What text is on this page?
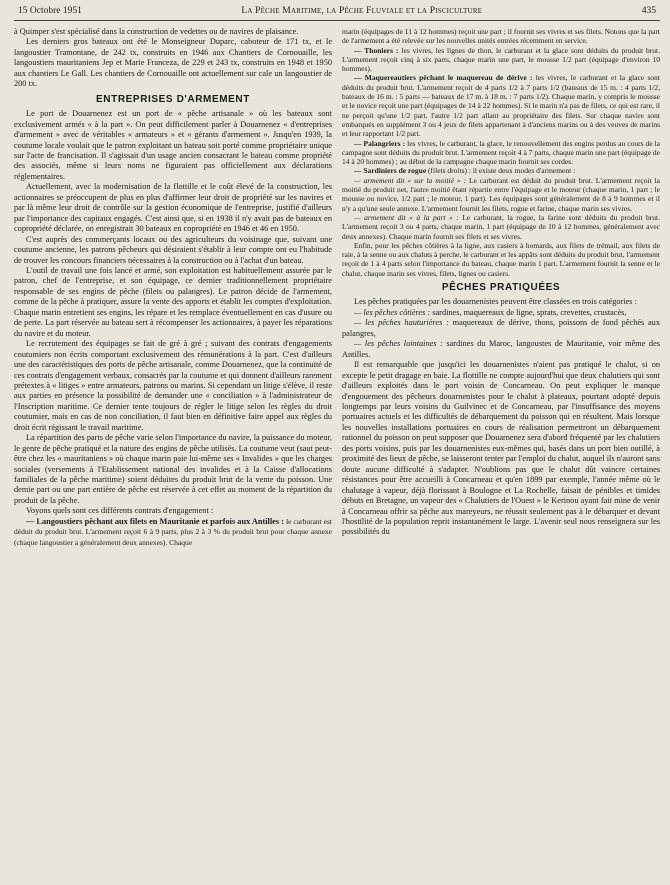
15 Octobre 1951	La Pêche Maritime, la Pêche Fluviale et la Pisciculture	435

à Quimper s'est spécialisé dans la construction de vedettes ou de navires de plaisance.

Les derniers gros bateaux ont été le Monseigneur Duparc, caboteur de 171 tx, et le langoustier Tramontane, de 242 tx, construits en 1946 aux Chantiers de Cornouaille, les langoustiers mauritaniens Jep et Marie Franceza, de 229 et 243 tx, construits en 1948 et 1950 aux chantiers Le Gall. Les chantiers de Cornouaille ont actuellement sur cale un langoustier de 200 tx.

ENTREPRISES D'ARMEMENT

Le port de Douarnenez est un port de « pêche artisanale » où les bateaux sont exclusivement armés « à la part ». On peut difficilement parler à Douarnenez « d'entreprises d'armement » avec de véritables « armateurs » et « gérants d'armement ». Jusqu'en 1939, la coutume locale voulait que le patron exploitant un bateau soit porté comme propriétaire unique sur l'acte de francisation. Il s'agissait d'un usage ancien consacrant le bateau comme propriété des associés, même si leurs noms ne figuraient pas officiellement aux déclarations réglementaires.

Actuellement, avec la modernisation de la flottille et le coût élevé de la construction, les actionnaires se préoccupent de plus en plus d'affirmer leur droit de propriété sur les navires et par là même leur droit de contrôle sur la gestion économique de l'entreprise, justifié d'ailleurs par l'importance des capitaux engagés. C'est ainsi que, si en 1938 il n'y avait pas de bateaux en copropriété déclarée, on enregistrait 30 bateaux en copropriété en 1946 et 46 en 1950.

C'est auprès des commerçants locaux ou des agriculteurs du voisinage que, suivant une coutume ancienne, les patrons pêcheurs qui désiraient s'établir à leur compte ont eu l'habitude de trouver les concours financiers nécessaires à la construction ou à l'achat d'un bateau.

L'outil de travail une fois lancé et armé, son exploitation est habituellement assurée par le patron, chef de l'entreprise, et son équipage, ce dernier traditionnellement propriétaire responsable de ses engins de pêche (filets ou palangres). Le patron décide de l'armement, comme de la pêche à pratiquer, assure la vente des apports et établit les comptes d'exploitation. Chaque marin entretient ses engins, les répare et les remplace éventuellement en cas d'usure ou de perte. La part réservée au bateau sert à récompenser les actionnaires, à payer les réparations du navire et du moteur.

Le recrutement des équipages se fait de gré à gré ; suivant des contrats d'engagements coutumiers non écrits comportant exclusivement des rémunérations à la part. C'est d'ailleurs une des caractéristiques des ports de pêche artisanale, comme Douarnenez, que la continuité de ces contrats d'engagement verbaux, consacrés par la coutume et qui donnent d'ailleurs rarement prétextes à « litiges » entre armateurs, patrons ou marins. Si cependant un litige s'élève, il reste aux parties en présence la possibilité de demander une « conciliation » à l'administrateur de l'Inscription maritime. Ce dernier tente toujours de régler le litige selon les règles du droit coutumier, mais en cas de non conciliation, il faut bien en définitive faire appel aux règles du droit écrit régissant le travail maritime.

La répartition des parts de pêche varie selon l'importance du navire, la puissance du moteur, le genre de pêche pratiqué et la nature des engins de pêche utilisés. La coutume veut (saut peut-être chez les « mauritaniens » où chaque marin paie lui-même ses « Invalides » que les charges sociales (versements à l'Etablissement national des invalides et à la Caisse d'allocations familiales de la pêche maritime) soient déduites du produit brut de la vente du poisson. Une demie part ou une part entière de pêche est réservée à cet effet au moment de la répartition du produit de la pêche.

Voyons quels sont ces différents contrats d'engagement :

— Langoustiers pêchant aux filets en Mauritanie et parfois aux Antilles : le carburant est déduit du produit brut. L'armement reçoit 6 à 9 parts, plus 2 à 3 % du produit brut pour chaque annexe (chaque langoustier a généralement deux annexes). Chaque

marin (équipages de 11 à 12 hommes) reçoit une part ; il fournit ses vivres et ses filets. Notons que la part de l'armement a été relevée sur les nouvelles unités entrées récemment en service.

— Thoniers : les vivres, les lignes de thon, le carburant et la glace sont déduits du produit brut. L'armement reçoit cinq à six parts, chaque marin une part, le mousse 1/2 part (équipage d'environ 10 hommes).

— Maquereautiers pêchant le maquereau de dérive : les vivres, le carburant et la glace sont déduits du produit brut. L'armement reçoit de 4 parts 1/2 à 7 parts 1/2 (bateaux de 15 m. : 4 parts 1/2, bateaux de 16 m. : 5 parts — bateaux de 17 m. à 18 m. : 7 parts 1/2). Chaque marin, y compris le mousse et le novice reçoit une part (équipages de 14 à 22 hommes). Si le marin n'a pas de filets, ce qui est rare, il ne perçoit qu'une 1/2 part, l'autre 1/2 part allant au propriétaire des filets. Sur chaque navire sont embarqués en supplément 3 ou 4 jeux de filets appartenant à d'anciens marins ou à des veuves de marins et leur rapportant 1/2 part.

— Palangriers : les vivres, le carburant, la glace, le renouvellement des engins perdus au cours de la campagne sont déduits du produit brut. L'armement reçoit 4 à 7 parts, chaque marin une part (équipage de 14 à 20 hommes) ; au début de la campagne chaque marin fournit ses cordes.

— Sardiniers de rogue (filets droits) : il existe deux modes d'armement :

— armement dit « sur la moitié » : Le carburant est déduit du produit brut. L'armement reçoit la moitié du produit net, l'autre moitié étant répartie entre l'équipage et le moteur (chaque marin, 1 part ; le mousse ou novice, 1/2 part ; le moteur, 1 part). Les équipages sont généralement de 8 à 9 hommes et il n'y a qu'une seule annexe. L'armement fournit les filets, rogue et farine, chaque marin ses vivres.

— armement dit « à la part » : Le carburant, la rogue, la farine sont déduits du produit brut. L'armement reçoit 3 ou 4 parts, chaque marin, 1 part (équipage de 10 à 12 hommes, généralement avec deux annexes). Chaque marin fournit ses filets et ses vivres.

Enfin, pour les pêches côtières à la ligne, aux casiers à homards, aux filets de trémail, aux filets de raie, à la senne ou aux chaluts à perche, le carburant et les appâts sont déduits du produit brut, l'armement reçoit de 1 à 4 parts selon l'importance du bateau, chaque marin 1 part. L'armement fournit la senne et le chalut, chaque marin ses vivres, filets, lignes ou casiers.

PÊCHES PRATIQUÉES

Les pêches pratiquées par les douarnenistes peuvent être classées en trois catégories :

— les pêches côtières : sardines, maquereaux de ligne, sprats, crevettes, crustacés,

— les pêches hauturières : maquereaux de dérive, thons, poissons de fond pêchés aux palangres,

— les pêches lointaines : sardines du Maroc, langoustes de Mauritanie, voir même des Antilles.

Il est remarquable que jusqu'ici les douarnenistes n'aient pas pratiqué le chalut, si on excepte le petit dragage en baie. La flottille ne compte aujourd'hui que deux chalutiers qui sont d'ailleurs exploités dans le port voisin de Concarneau. On peut expliquer le manque d'engouement des pêcheurs douarnenistes pour le chalut à plateaux, pourtant adopté depuis longtemps par leurs voisins du Guilvinec et de Concarneau, par l'insuffisance des moyens portuaires actuels et les difficultés de débarquement du poisson qui en résultent. Mais lorsque les nouvelles installations portuaires en cours de réalisation permettront un débarquement rationnel du poisson on peut supposer que Douarnenez sera d'abord fréquenté par les chalutiers des ports voisins, puis par les douarnenistes eux-mêmes qui, basés dans un port bien outillé, à proximité des lieux de pêche, se laisseront tenter par l'emploi du chalut, auquel ils n'auront sans doute aucune difficulté à s'adapter. N'oublions pas que le chalut dût vaincre certaines résistances pour être accueilli à Concarneau et qu'en 1899 par exemple, l'année même où le chalutage à vapeur, déjà florissant à Boulogne et La Rochelle, faisait de pénibles et timides débuts en Bretagne, un vapeur des « Chalutiers de l'Ouest » le Kerinou ayant fait mine de venir à Concarneau offrir sa pêche aux mareyeurs, ne réussit seulement pas à le débarquer et devant l'hostilité de la population reprit instantanément le large. L'avenir seul nous renseignera sur les possibilités du
